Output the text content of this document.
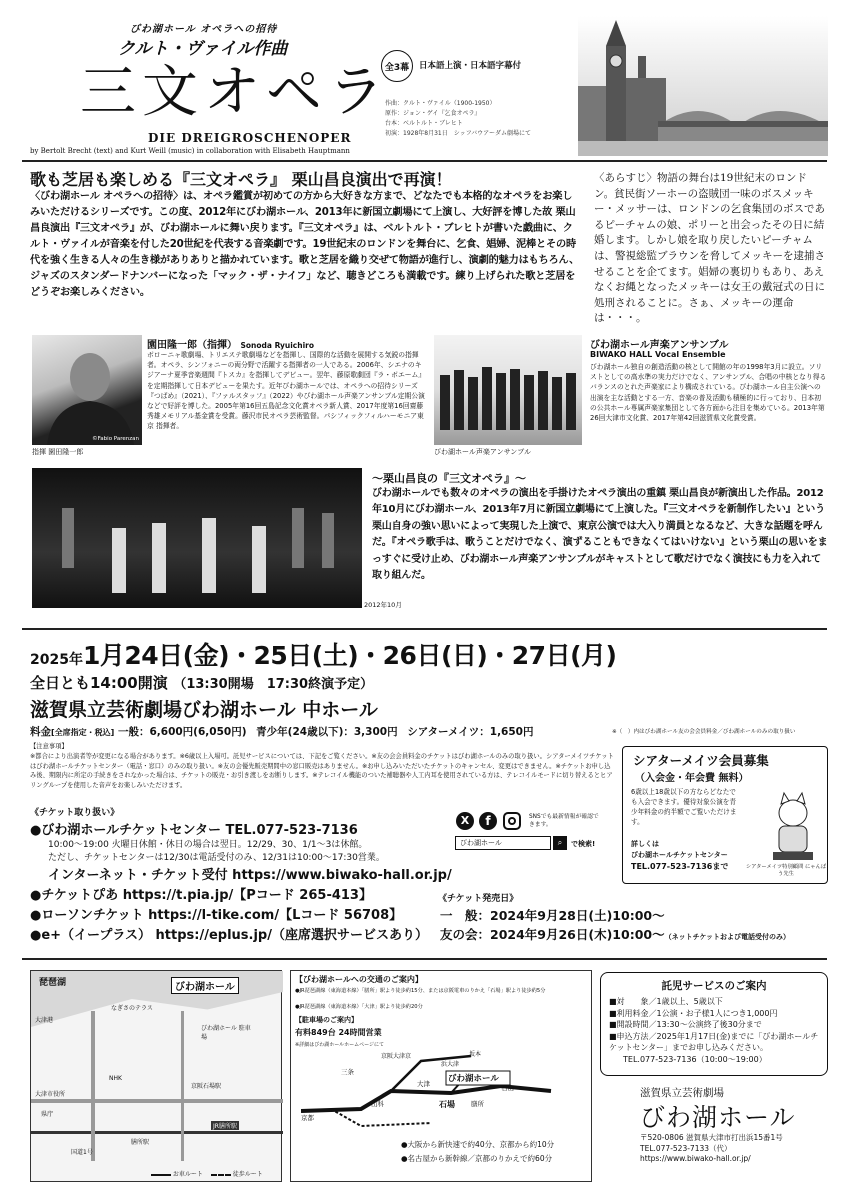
びわ湖ホール オペラへの招待
クルト・ヴァイル作曲
三文オペラ
DIE DREIGROSCHENOPER
by Bertolt Brecht (text) and Kurt Weill (music) in collaboration with Elisabeth Hauptmann
全3幕 日本語上演・日本語字幕付
作曲：クルト・ヴァイル（1900-1950）
原作：ジョン・ゲイ『乞食オペラ』
台本：ベルトルト・ブレヒト
初演：1928年8月31日　シッフバウアーダム劇場にて
歌も芝居も楽しめる『三文オペラ』 栗山昌良演出で再演！
〈びわ湖ホール オペラへの招待〉は、オペラ鑑賞が初めての方から大好きな方まで、どなたでも本格的なオペラをお楽しみいただけるシリーズです。この度、2012年にびわ湖ホール、2013年に新国立劇場にて上演し、大好評を博した故 栗山昌良演出『三文オペラ』が、びわ湖ホールに舞い戻ります。『三文オペラ』は、ベルトルト・ブレヒトが書いた戯曲に、クルト・ヴァイルが音楽を付した20世紀を代表する音楽劇です。19世紀末のロンドンを舞台に、乞食、娼婦、泥棒とその時代を強く生きる人々の生き様がありありと描かれています。歌と芝居を織り交ぜて物語が進行し、演劇的魅力はもちろん、ジャズのスタンダードナンバーになった「マック・ザ・ナイフ」など、聴きどころも満載です。練り上げられた歌と芝居をどうぞお楽しみください。
〈あらすじ〉物語の舞台は19世紀末のロンドン。貧民街ソーホーの盗賊団一味のボスメッキー・メッサーは、ロンドンの乞食集団のボスであるピーチャムの娘、ポリーと出会ったその日に結婚します。しかし娘を取り戻したいピーチャムは、警視総監ブラウンを脅してメッキーを逮捕させることを企てます。娼婦の裏切りもあり、あえなくお縄となったメッキーは女王の戴冠式の日に処刑されることに。さぁ、メッキーの運命は・・・。
©Fabio Parenzan
指揮 園田隆一郎
園田隆一郎（指揮） Sonoda Ryuichiro
ボローニャ歌劇場、トリエステ歌劇場などを指揮し、国際的な活動を展開する気鋭の指揮者。オペラ、シンフォニーの両分野で活躍する指揮者の一人である。2006年、シエナのキジアーナ夏季音楽週間『トスカ』を指揮してデビュー。翌年、藤原歌劇団『ラ・ボエーム』を定期指揮して日本デビューを果たす。近年びわ湖ホールでは、オペラへの招待シリーズ『つばめ』（2021）、『ファルスタッフ』（2022）やびわ湖ホール声楽アンサンブル定期公演などで好評を博した。2005年第16回五島記念文化賞オペラ新人賞、2017年度第16回齋藤秀雄メモリアル基金賞を受賞。藤沢市民オペラ芸術監督。パシフィックフィルハーモニア東京 指揮者。
びわ湖ホール声楽アンサンブル
びわ湖ホール声楽アンサンブル
BIWAKO HALL Vocal Ensemble
びわ湖ホール独自の創造活動の核として開館の年の1998年3月に設立。ソリストとしての高水準の実力だけでなく、アンサンブル、合唱の中核となり得るバランスのとれた声楽家により構成されている。びわ湖ホール自主公演への出演を主な活動とする一方、音楽の普及活動も積極的に行っており、日本初の公共ホール専属声楽家集団として各方面から注目を集めている。2013年第26回大津市文化賞、2017年第42回滋賀県文化賞受賞。
2012年10月
～栗山昌良の『三文オペラ』～
びわ湖ホールでも数々のオペラの演出を手掛けたオペラ演出の重鎮 栗山昌良が新演出した作品。2012年10月にびわ湖ホール、2013年7月に新国立劇場にて上演した。『三文オペラを新制作したい』という栗山自身の強い思いによって実現した上演で、東京公演では大入り満員となるなど、大きな話題を呼んだ。『オペラ歌手は、歌うことだけでなく、演ずることもできなくてはいけない』という栗山の思いをまっすぐに受け止め、びわ湖ホール声楽アンサンブルがキャストとして歌だけでなく演技にも力を入れて取り組んだ。
2025年1月24日(金)・25日(土)・26日(日)・27日(月)
全日とも14:00開演 （13:30開場　17:30終演予定）
滋賀県立芸術劇場びわ湖ホール 中ホール
料金[全席指定・税込] 一般：6,600円(6,050円) 青少年(24歳以下)：3,300円 シアターメイツ：1,650円	※（　）内はびわ湖ホール友の会会員料金／びわ湖ホールのみの取り扱い
【注意事項】
※都合により出演者等が変更になる場合があります。※6歳以上入場可。託児サービスについては、下記をご覧ください。※友の会会員料金のチケットはびわ湖ホールのみの取り扱い。シアターメイツチケットはびわ湖ホールチケットセンター（電話・窓口）のみの取り扱い。※友の会優先販売期間中の窓口販売はありません。※お申し込みいただいたチケットのキャンセル、変更はできません。※チケットお申し込み後、期限内に所定の手続きをされなかった場合は、チケットの販売・お引き渡しをお断りします。※テレコイル機能のついた補聴器や人工内耳を使用されている方は、テレコイルモードに切り替えるとヒアリングループを使用した音声をお楽しみいただけます。
シアターメイツ会員募集
（入会金・年会費 無料）
6歳以上18歳以下の方ならどなたでも入会できます。優待対象公演を青少年料金の約半額でご覧いただけます。
詳しくは
びわ湖ホールチケットセンター
TEL.077-523-7136まで	シアターメイツ特別顧問 にゃんぱう先生
《チケット取り扱い》
●びわ湖ホールチケットセンター TEL.077-523-7136
10:00～19:00 火曜日休館・休日の場合は翌日。12/29、30、1/1～3は休館。
ただし、チケットセンターは12/30は電話受付のみ、12/31は10:00～17:30営業。
インターネット・チケット受付 https://www.biwako-hall.or.jp/
●チケットぴあ https://t.pia.jp/【Pコード 265-413】
●ローソンチケット https://l-tike.com/【Lコード 56708】
●e+（イープラス） https://eplus.jp/（座席選択サービスあり）
X	f	SNSでも最新情報が確認できます。
びわ湖ホール	⌕	で検索!
《チケット発売日》
一　般：2024年9月28日(土)10:00～
友の会：2024年9月26日(木)10:00～（ネットチケットおよび電話受付のみ）
琵琶湖	びわ湖ホール
大津港
なぎさのテラス
びわ湖ホール 駐車場
NHK
膳所駅
京阪石場駅
JR膳所駅
国道1号
大津市役所
県庁
お車ルート	徒歩ルート
【びわ湖ホールへの交通のご案内】
●JR琵琶湖線（東海道本線）「膳所」駅より徒歩約15分、または京阪電車のりかえ「石場」駅より徒歩約5分
●JR琵琶湖線（東海道本線）「大津」駅より徒歩約20分
【駐車場のご案内】
有料849台 24時間営業
※詳細はびわ湖ホールホームページにて
びわ湖ホール
石場
大津
膳所
京都
山科
三条
京阪大津京
浜大津
坂本
石山
●大阪から新快速で約40分、京都から約10分
●名古屋から新幹線／京都のりかえで約60分
託児サービスのご案内
■対　　象／1歳以上、5歳以下
■利用料金／1公演・お子様1人につき1,000円
■開設時間／13:30～公演終了後30分まで
■申込方法／2025年1月17日(金)までに「びわ湖ホールチケットセンター」までお申し込みください。
TEL.077-523-7136（10:00～19:00）
滋賀県立芸術劇場
びわ湖ホール
〒520-0806 滋賀県大津市打出浜15番1号
TEL.077-523-7133（代）
https://www.biwako-hall.or.jp/
